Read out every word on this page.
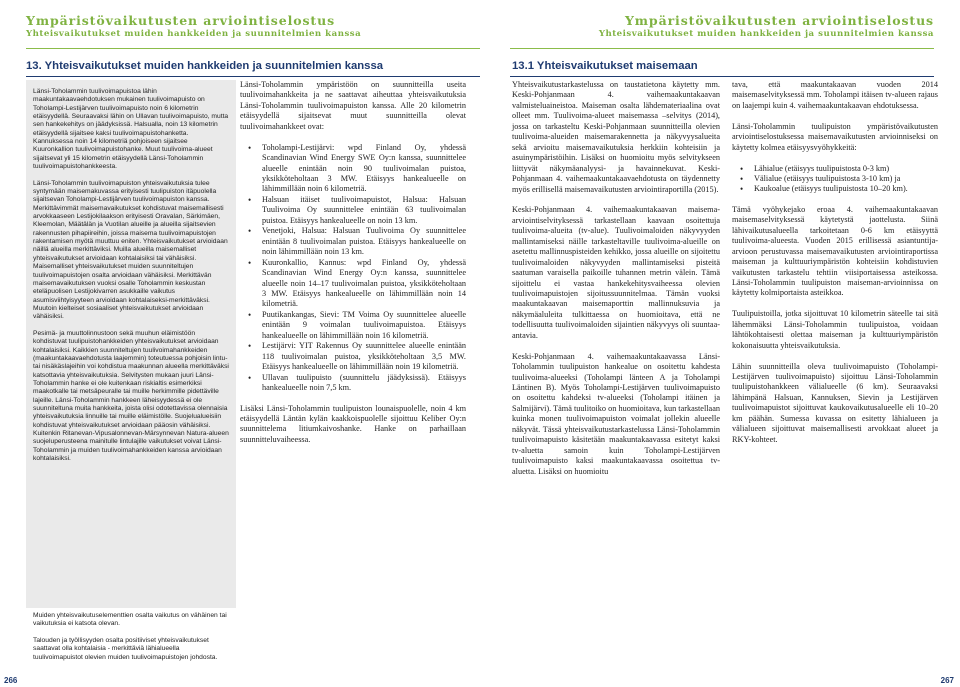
Ympäristövaikutusten arviointiselostus
Yhteisvaikutukset muiden hankkeiden ja suunnitelmien kanssa
Ympäristövaikutusten arviointiselostus
Yhteisvaikutukset muiden hankkeiden ja suunnitelmien kanssa
13. Yhteisvaikutukset muiden hankkeiden ja suunnitelmien kanssa	13.1 Yhteisvaikutukset maisemaan

Länsi-Toholammin tuulivoimapuistoa lähin maakuntakaavaehdotuksen mukainen tuulivoimapuisto on Toholampi-Lestijärven tuulivoimapuisto noin 6 kilometrin etäisyydellä. Seuraavaksi lähin on Ullavan tuulivoimapuisto, mutta sen hankekehitys on jäädyksissä. Halsualla, noin 13 kilometrin etäisyydellä sijaitsee kaksi tuulivoimapuistohanketta. Kannuksessa noin 14 kilometriä pohjoiseen sijaitsee Kuuronkallion tuulivoimapuistohanke. Muut tuulivoima-alueet sijaitsevat yli 15 kilometrin etäisyydellä Länsi-Toholammin tuulivoimapuistohankkeesta.

Länsi-Toholammin tuulivoimapuiston yhteisvaikutuksia tulee syntymään maisemakuvassa erityisesti tuulipuiston itäpuolella sijaitsevan Toholampi-Lestijärven tuulivoimapuiston kanssa. Merkittävimmät maisemavaikutukset kohdistuvat maisemallisesti arvokkaaseen Lestijokilaakson erityisesti Oravalan, Särkimäen, Kleemolan, Määtälän ja Vuotilan alueille ja alueilla sijaitsevien rakennusten pihapiireihin, joissa maisema tuulivoimapuistojen rakentamisen myötä muuttuu eniten. Yhteisvaikutukset arvioidaan näillä alueilla merkittäviksi. Muilla alueilla maisemalliset yhteisvaikutukset arvioidaan kohtalaisiksi tai vähäisiksi. Maisemalliset yhteisvaikutukset muiden suunniteltujen tuulivoimapuistojen osalta arvioidaan vähäisiksi. Merkittävän maisemavaikutuksen vuoksi osalle Toholammin keskustan eteläpuolisen Lestijokivarren asukkaille vaikutus asumisviihtyisyyteen arvioidaan kohtalaiseksi-merkittäväksi. Muutoin kielteiset sosiaaliset yhteisvaikutukset arvioidaan vähäisiksi.

Pesimä- ja muuttolinnustoon sekä muuhun eläimistöön kohdistuvat tuulipuistohankkeiden yhteisvaikutukset arvioidaan kohtalaisiksi. Kaikkien suunniteltujen tuulivoimahankkeiden (maakuntakaavaehdotusta laajemmin) toteutuessa pohjoisin lintu- tai nisäkäslajeihin voi kohdistua maakunnan alueella merkittäväksi katsottavia yhteisvaikutuksia. Selvitysten mukaan juuri Länsi-Toholammin hanke ei ole kuitenkaan riskialtis esimerkiksi maakotkalle tai metsäpeuralle tai muille herkimmille pidettäville lajeille. Länsi-Toholammin hankkeen läheisyydessä ei ole suunniteltuna muita hankkeita, joista olisi odotettavissa olennaisia yhteisvaikutuksia linnuille tai muille eläimistölle. Suojelualueisiin kohdistuvat yhteisvaikutukset arvioidaan pääosin vähäisiksi. Kuitenkin Ritanevan-Vipusalonnevan-Märsynnevan Natura-alueen suojeluperusteena mainitulle lintulajille vaikutukset voivat Länsi-Toholammin ja muiden tuulivoimahankkeiden kanssa arvioidaan kohtalaisiksi.

Muiden yhteisvaikutuselementtien osalta vaikutus on vähäinen tai vaikutuksia ei katsota olevan.

Talouden ja työllisyyden osalta positiiviset yhteisvaikutukset saattavat olla kohtalaisia - merkittäviä lähialueella tuulivoimapuistot olevien muiden tuulivoimapuistojen johdosta.

Länsi-Toholammin ympäristöön on suunnitteilla useita tuulivoimahankkeita ja ne saattavat aiheuttaa yhteisvaikutuksia Länsi-Toholammin tuulivoimapuiston kanssa. Alle 20 kilometrin etäisyydellä sijaitsevat muut suunnitteilla olevat tuulivoimahankkeet ovat:

• Toholampi-Lestijärvi: wpd Finland Oy, yhdessä Scandinavian Wind Energy SWE Oy:n kanssa, suunnittelee alueelle enintään noin 90 tuulivoimalan puistoa, yksikköteholtaan 3 MW. Etäisyys hankealueelle on lähimmillään noin 6 kilometriä.
• Halsuan itäiset tuulivoimapuistot, Halsua: Halsuan Tuulivoima Oy suunnittelee enintään 63 tuulivoimalan puistoa. Etäisyys hankealueelle on noin 13 km.
• Venetjoki, Halsua: Halsuan Tuulivoima Oy suunnittelee enintään 8 tuulivoimalan puistoa. Etäisyys hankealueelle on noin lähimmillään noin 13 km.
• Kuuronkallio, Kannus: wpd Finland Oy, yhdessä Scandinavian Wind Energy Oy:n kanssa, suunnittelee alueelle noin 14–17 tuulivoimalan puistoa, yksikköteholtaan 3 MW. Etäisyys hankealueelle on lähimmillään noin 14 kilometriä.
• Puutikankangas, Sievi: TM Voima Oy suunnittelee alueelle enintään 9 voimalan tuulivoimapuistoa. Etäisyys hankealueelle on lähimmillään noin 16 kilometriä.
• Lestijärvi: YIT Rakennus Oy suunnittelee alueelle enintään 118 tuulivoimalan puistoa, yksikköteholtaan 3,5 MW. Etäisyys hankealueelle on lähimmillään noin 19 kilometriä.
• Ullavan tuulipuisto (suunnittelu jäädyksissä). Etäisyys hankealueelle noin 7,5 km.

Lisäksi Länsi-Toholammin tuulipuiston lounaispuolelle, noin 4 km etäisyydellä Läntän kylän kaakkoispuolelle sijoittuu Keliber Oy:n suunnittelema litiumkaivoshanke. Hanke on parhaillaan suunnitteluvaiheessa.

Yhteisvaikutustarkastelussa on taustatietona käytetty mm. Keski-Pohjanmaan 4. vaihemaakuntakaavan valmisteluaineistoa. Maiseman osalta lähdemateriaalina ovat olleet mm. Tuulivoima-alueet maisemassa –selvitys (2014), jossa on tarkasteltu Keski-Pohjanmaan suunnitteilla olevien tuulivoima-alueiden maisemarakennetta ja näkyvyysalueita sekä arvioitu maisemavaikutuksia herkkiin kohteisiin ja asuinympäristöihin. Lisäksi on huomioitu myös selvitykseen liittyvät näkymäanalyysi- ja havainnekuvat. Keski-Pohjanmaan 4. vaihemaakuntakaavaehdotusta on täydennetty myös erillisellä maisemavaikutusten arviointiraportilla (2015).

Keski-Pohjanmaan 4. vaihemaakuntakaavan maisema-arviointiselvityksessä tarkastellaan kaavaan osoitettuja tuulivoima-alueita (tv-alue). Tuulivoimaloiden näkyvyyden mallintamiseksi näille tarkasteltaville tuulivoima-alueille on asetettu mallinnuspisteiden kehikko, jossa alueille on sijoitettu tuulivoimaloiden näkyvyyden mallintamiseksi pisteitä saatuman varaisella paikoille tuhannen metrin välein. Tämä sijoittelu ei vastaa hankekehitysvaiheessa olevien tuulivoimapuistojen sijoitussuunnitelmaa. Tämän vuoksi maakuntakaavan maisemaporttin mallinnuksuvia ja näkymäaluleita tulkittaessa on huomioitava, että ne todellisuutta tuulivoimaloiden sijaintien näkyvyys oli suuntaa-antavia.

Keski-Pohjanmaan 4. vaihemaakuntakaavassa Länsi-Toholammin tuulipuiston hankealue on osoitettu kahdesta tuulivoima-alueeksi (Toholampi länteen A ja Toholampi Läntinen B). Myös Toholampi-Lestijärven tuulivoimapuisto on osoitettu kahdeksi tv-alueeksi (Toholampi itäinen ja Salmijärvi). Tämä tuulitoiko on huomioitava, kun tarkastellaan kuinka monen tuulivoimapuiston voimalat jollekin alueelle näkyvät. Tässä yhteisvaikutustarkastelussa Länsi-Toholammin tuulivoimapuisto käsitetään maakuntakaavassa esitetyt kaksi tv-aluetta samoin kuin Toholampi-Lestijärven tuulivoimapuisto kaksi maakuntakaavassa osoitettua tv-aluetta. Lisäksi on huomioitu

tava, että maakuntakaavan vuoden 2014 maisemaselvityksessä mm. Toholampi itäisen tv-alueen rajaus on laajempi kuin 4. vaihemaakuntakaavan ehdotuksessa.

Länsi-Toholammin tuulipuiston ympäristövaikutusten arviointiselostuksessa maisemavaikutusten arvioinniseksi on käytetty kolmea etäisyysvyöhykkeitä:

• Lähialue (etäisyys tuulipuistosta 0-3 km)
• Välialue (etäisyys tuulipuistosta 3-10 km) ja
• Kaukoalue (etäisyys tuulipuistosta 10–20 km).

Tämä vyöhykejako eroaa 4. vaihemaakuntakaavan maisemaselvityksessä käytetystä jaottelusta. Siinä lähivaikutusalueella tarkoitetaan 0-6 km etäisyyttä tuulivoima-alueesta. Vuoden 2015 erillisessä asiantuntija-arvioon perustuvassa maisemavaikutusten arviointiraportissa maiseman ja kulttuuriympäristön kohteisiin kohdistuvien vaikutusten tarkastelu tehtiin viisiportaisessa asteikossa. Länsi-Toholammin tuulipuiston maiseman-arvioinnissa on käytetty kolmiportaista asteikkoa.

Tuulipuistoilla, jotka sijoittuvat 10 kilometrin säteelle tai sitä lähemmäksi Länsi-Toholammin tuulipuistoa, voidaan lähtökohtaisesti olettaa maiseman ja kulttuuriympäristön kokonaisuutta yhteisvaikutuksia.

Lähin suunnitteilla oleva tuulivoimapuisto (Toholampi-Lestijärven tuulivoimapuisto) sijoittuu Länsi-Toholammin tuulipuistohankkeen välialueelle (6 km). Seuraavaksi lähimpänä Halsuan, Kannuksen, Sievin ja Lestijärven tuulivoimapuistot sijoittuvat kaukovaikutusalueelle eli 10–20 km päähän. Sumessa kuvassa on esitetty lähialueen ja välialueen sijoittuvat maisemallisesti arvokkaat alueet ja RKY-kohteet.

266	267
